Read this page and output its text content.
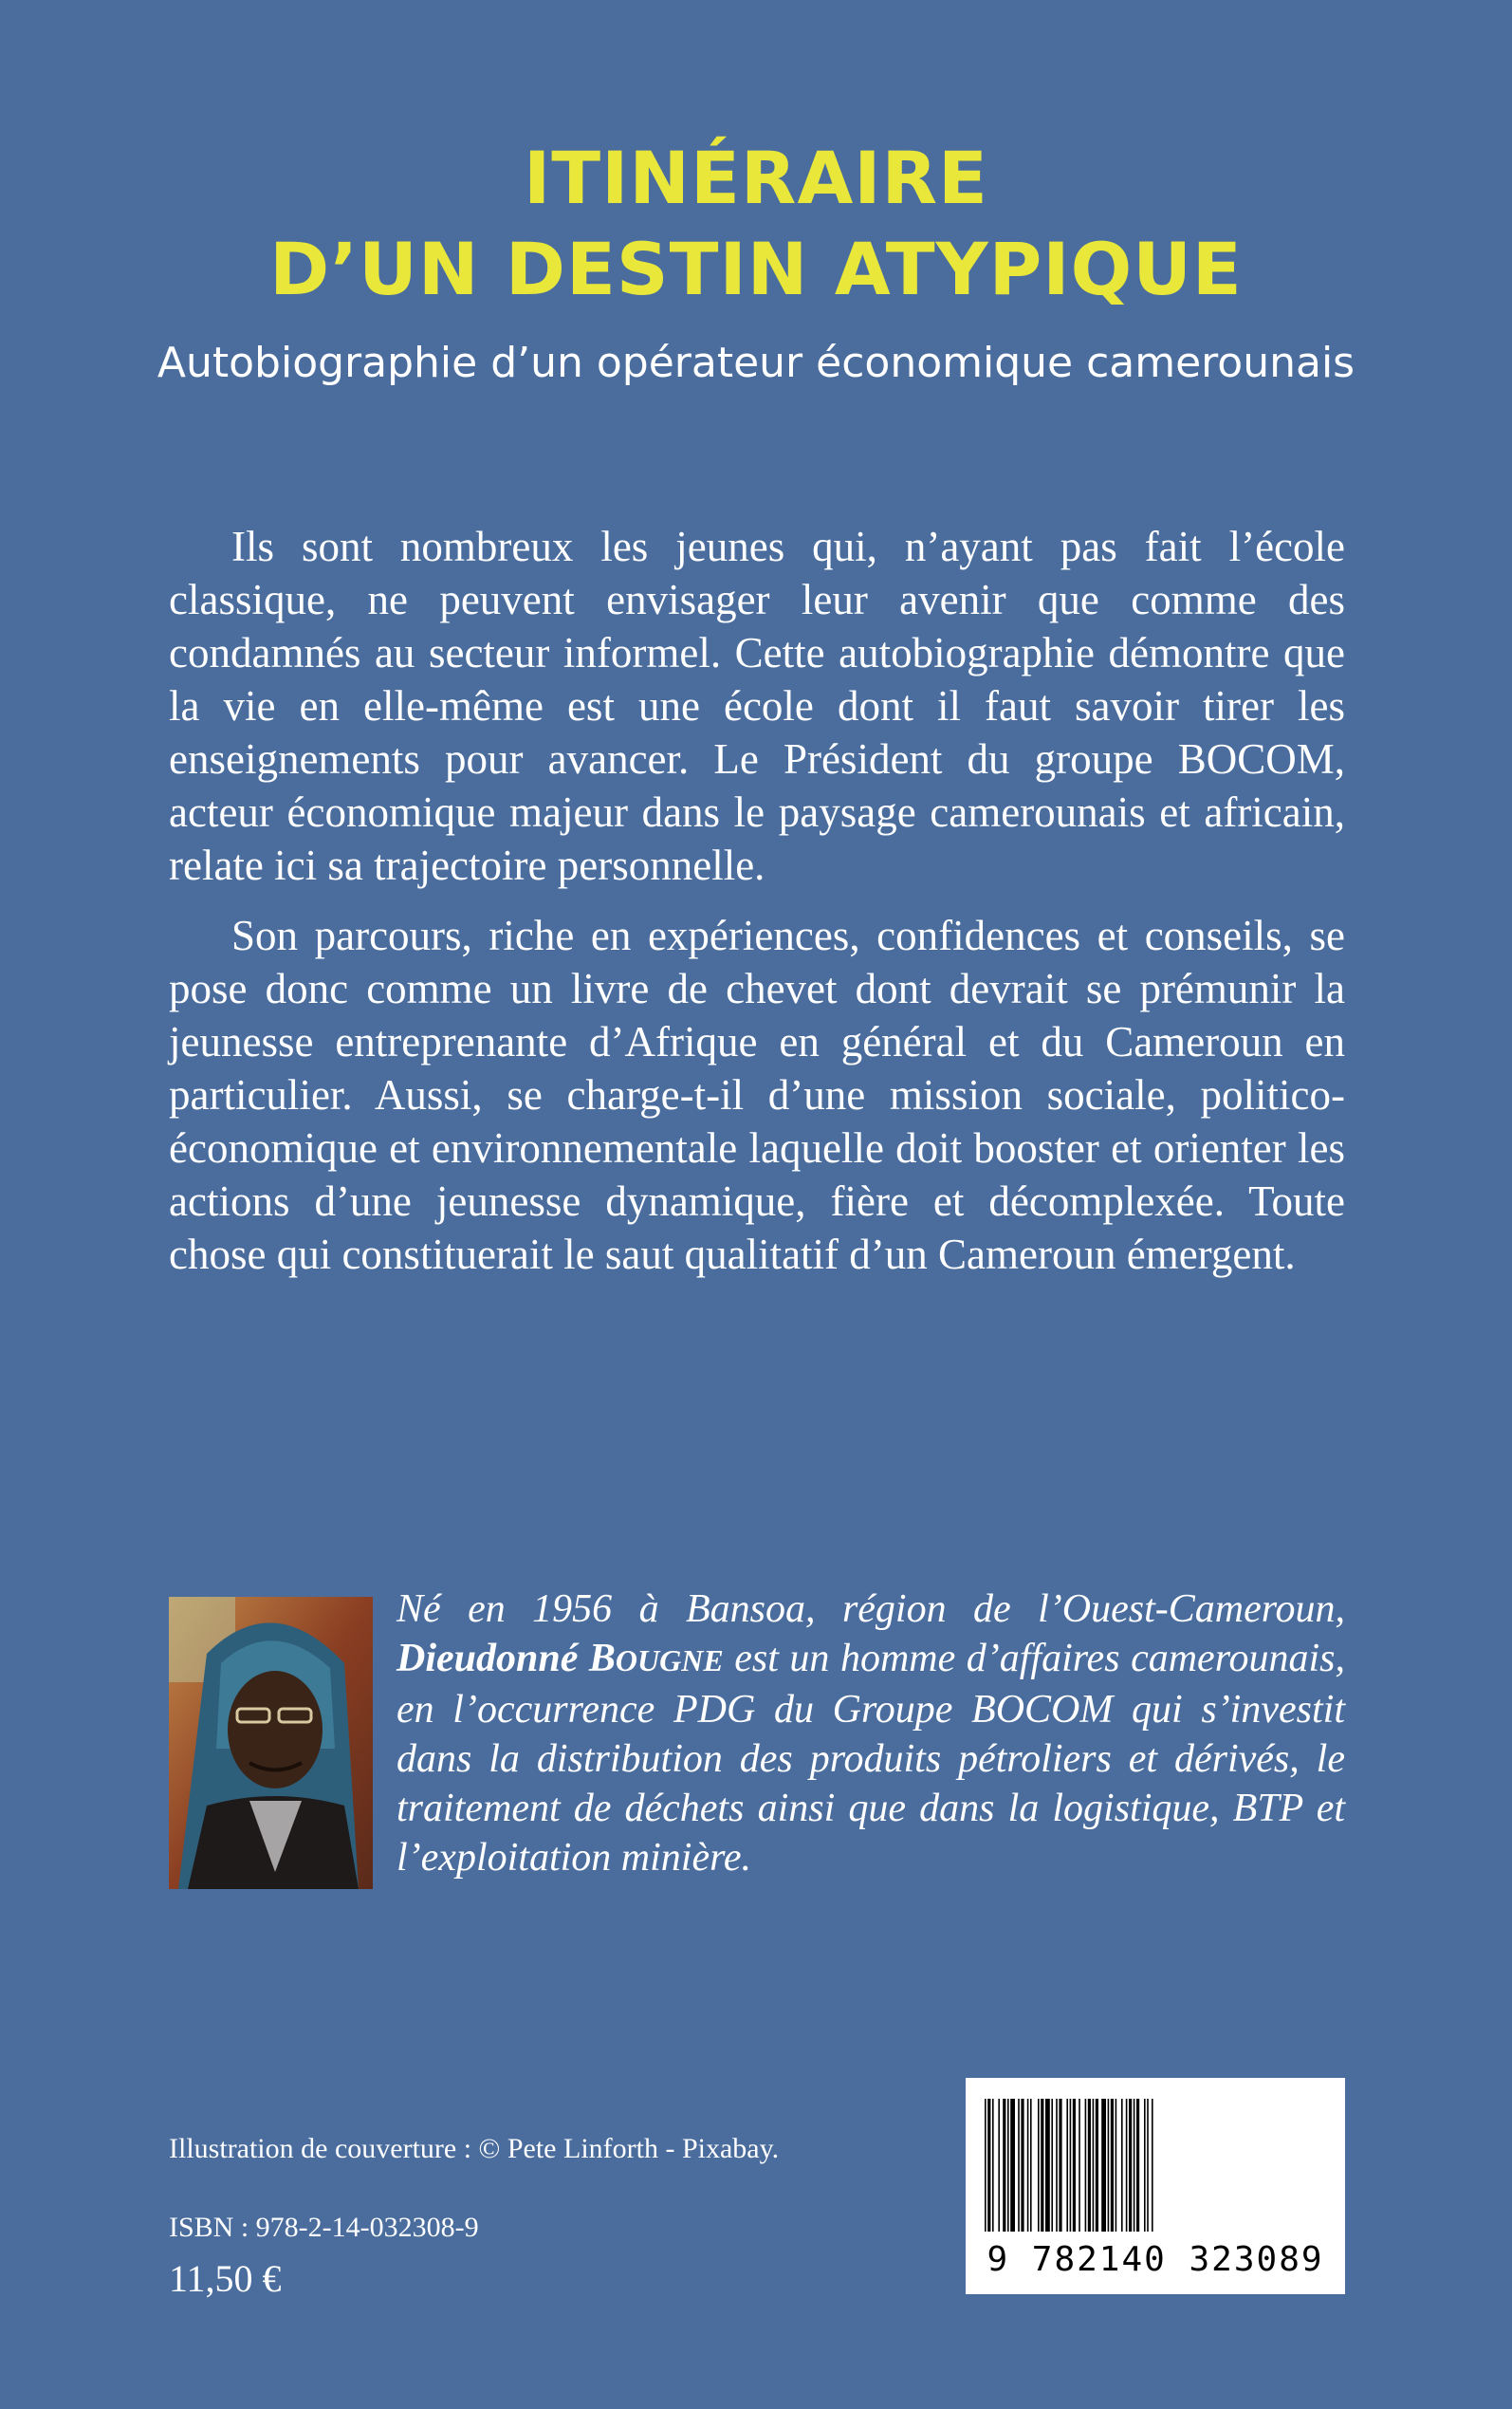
ITINÉRAIRE
D’UN DESTIN ATYPIQUE

Autobiographie d’un opérateur économique camerounais

Ils sont nombreux les jeunes qui, n’ayant pas fait l’école classique, ne peuvent envisager leur avenir que comme des condamnés au secteur informel. Cette autobiographie démontre que la vie en elle-même est une école dont il faut savoir tirer les enseignements pour avancer. Le Président du groupe BOCOM, acteur économique majeur dans le paysage camerounais et africain, relate ici sa trajectoire personnelle.

Son parcours, riche en expériences, confidences et conseils, se pose donc comme un livre de chevet dont devrait se prémunir la jeunesse entreprenante d’Afrique en général et du Cameroun en particulier. Aussi, se charge-t-il d’une mission sociale, politico-économique et environnementale laquelle doit booster et orienter les actions d’une jeunesse dynamique, fière et décomplexée. Toute chose qui constituerait le saut qualitatif d’un Cameroun émergent.

Né en 1956 à Bansoa, région de l’Ouest-Cameroun, Dieudonné BOUGNE est un homme d’affaires camerounais, en l’occurrence PDG du Groupe BOCOM qui s’investit dans la distribution des produits pétroliers et dérivés, le traitement de déchets ainsi que dans la logistique, BTP et l’exploitation minière.

Illustration de couverture : © Pete Linforth - Pixabay.

ISBN : 978-2-14-032308-9

11,50 €	9 782140 323089
